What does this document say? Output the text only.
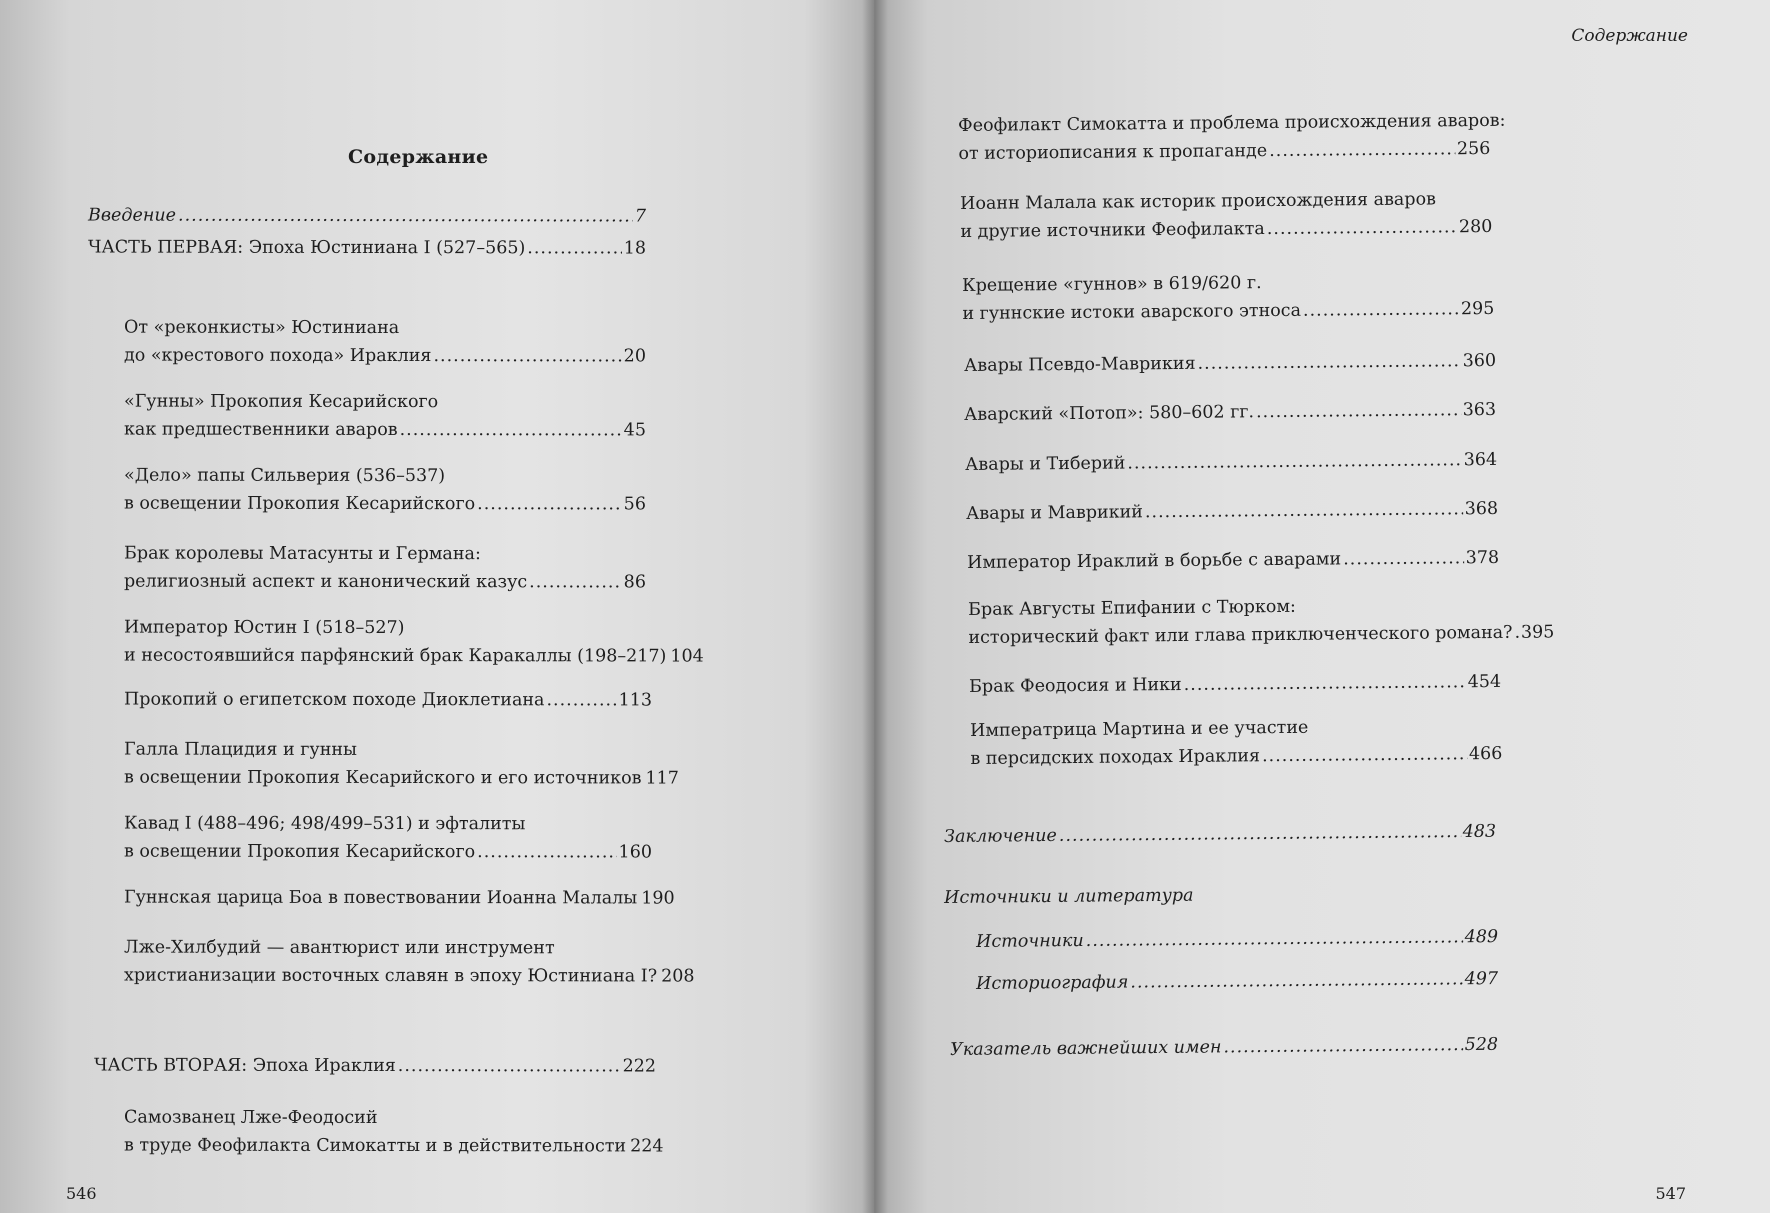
Содержание
Введение .....	7
ЧАСТЬ ПЕРВАЯ: Эпоха Юстиниана I (527–565) .....	18
От «реконкисты» Юстиниана
до «крестового похода» Ираклия .....	20
«Гунны» Прокопия Кесарийского
как предшественники аваров .....	45
«Дело» папы Сильверия (536–537)
в освещении Прокопия Кесарийского .....	56
Брак королевы Матасунты и Германа:
религиозный аспект и канонический казус .....	86
Император Юстин I (518–527)
и несостоявшийся парфянский брак Каракаллы (198–217) ..... 104
Прокопий о египетском походе Диоклетиана .....	113
Галла Плацидия и гунны
в освещении Прокопия Кесарийского и его источников ..... 117
Кавад I (488–496; 498/499–531) и эфталиты
в освещении Прокопия Кесарийского .....	160
Гуннская царица Боа в повествовании Иоанна Малалы ..... 190
Лже-Хилбудий — авантюрист или инструмент
христианизации восточных славян в эпоху Юстиниана I? ..... 208
ЧАСТЬ ВТОРАЯ: Эпоха Ираклия .....	222
Самозванец Лже-Феодосий
в труде Феофилакта Симокатты и в действительности ..... 224
546
Содержание
Феофилакт Симокатта и проблема происхождения аваров:
от историописания к пропаганде .....	256
Иоанн Малала как историк происхождения аваров
и другие источники Феофилакта .....	280
Крещение «гуннов» в 619/620 г.
и гуннские истоки аварского этноса .....	295
Авары Псевдо-Маврикия .....	360
Аварский «Потоп»: 580–602 гг. .....	363
Авары и Тиберий .....	364
Авары и Маврикий .....	368
Император Ираклий в борьбе с аварами .....	378
Брак Августы Епифании с Тюрком:
исторический факт или глава приключенческого романа? ..... 395
Брак Феодосия и Ники .....	454
Императрица Мартина и ее участие
в персидских походах Ираклия .....	466
Заключение .....	483
Источники и литература
Источники .....	489
Историография .....	497
Указатель важнейших имен .....	528
547
